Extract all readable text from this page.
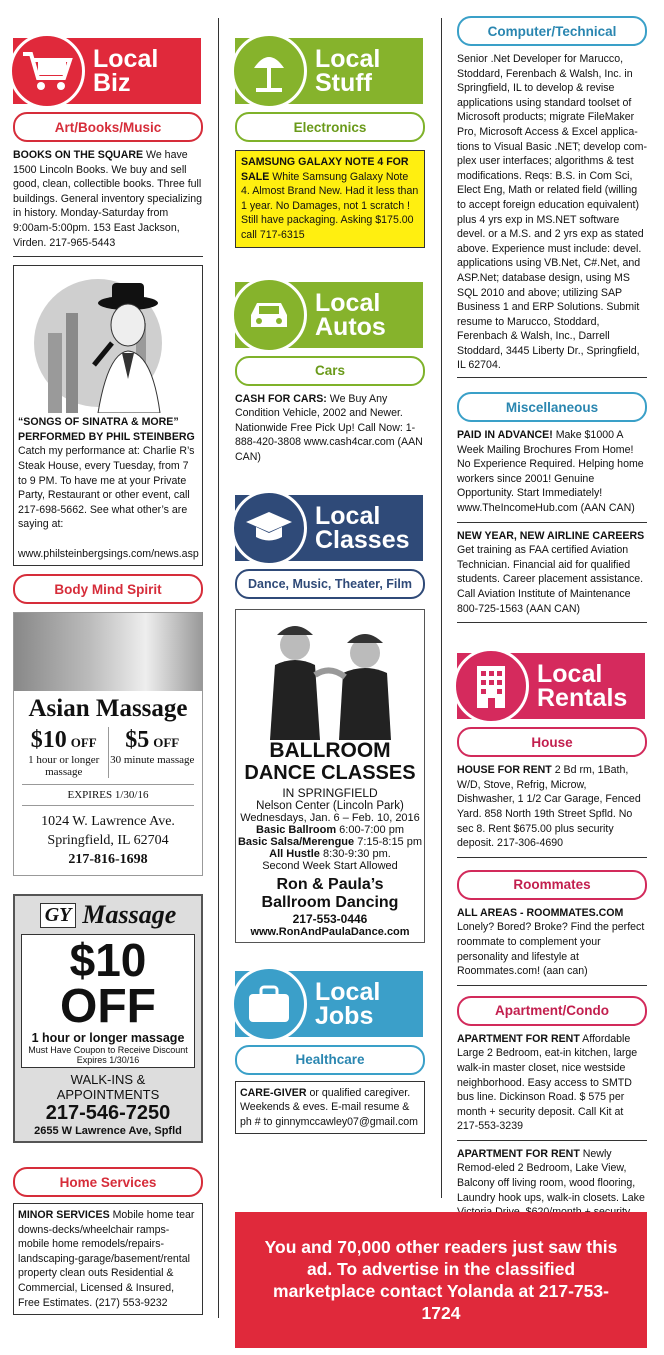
Local
Biz
Art/Books/Music
BOOKS ON THE SQUARE We have 1500 Lincoln Books. We buy and sell good, clean, collectible books. Three full buildings. General inventory specializing in history. Monday-Saturday from 9:00am-5:00pm. 153 East Jackson, Virden. 217-965-5443
“SONGS OF SINATRA & MORE” PERFORMED BY PHIL STEINBERG
Catch my performance at: Charlie R’s Steak House, every Tuesday, from 7 to 9 PM. To have me at your Private Party, Restaurant or other event, call 217-698-5662. See what other’s are saying at:

www.philsteinbergsings.com/news.asp
Body Mind Spirit
Asian Massage
$10 OFF
1 hour or longer massage
$5 OFF
30 minute massage
EXPIRES 1/30/16
1024 W. Lawrence Ave.
Springfield, IL 62704
217-816-1698
GY Massage
$10
OFF
1 hour or longer massage
Must Have Coupon to Receive Discount
Expires 1/30/16
WALK-INS & APPOINTMENTS
217-546-7250
2655 W Lawrence Ave, Spfld
Home Services
MINOR SERVICES Mobile home tear downs-decks/wheelchair ramps-mobile home remodels/repairs-landscaping-garage/basement/rental property clean outs Residential & Commercial, Licensed & Insured, Free Estimates. (217) 553-9232
Local
Stuff
Electronics
SAMSUNG GALAXY NOTE 4 FOR SALE White Samsung Galaxy Note 4. Almost Brand New. Had it less than 1 year. No Damages, not 1 scratch ! Still have packaging. Asking $175.00 call 717-6315
Local
Autos
Cars
CASH FOR CARS: We Buy Any Condition Vehicle, 2002 and Newer. Nationwide Free Pick Up! Call Now: 1-888-420-3808 www.cash4car.com (AAN CAN)
Local
Classes
Dance, Music, Theater, Film
BALLROOM
DANCE CLASSES
IN SPRINGFIELD
Nelson Center (Lincoln Park)
Wednesdays, Jan. 6 – Feb. 10, 2016
Basic Ballroom 6:00-7:00 pm
Basic Salsa/Merengue 7:15-8:15 pm
All Hustle 8:30-9:30 pm.
Second Week Start Allowed
Ron & Paula’s
Ballroom Dancing
217-553-0446
www.RonAndPaulaDance.com
Local
Jobs
Healthcare
CARE-GIVER or qualified caregiver. Weekends & eves. E-mail resume & ph # to ginnymccawley07@gmail.com
Computer/Technical
Senior .Net Developer for Marucco, Stoddard, Ferenbach & Walsh, Inc. in Springfield, IL to develop & revise applications using standard toolset of Microsoft products; migrate FileMaker Pro, Microsoft Access & Excel applica-tions to Visual Basic .NET; develop com-plex user interfaces; algorithms & test modifications. Reqs: B.S. in Com Sci, Elect Eng, Math or related field (willing to accept foreign education equivalent) plus 4 yrs exp in MS.NET software devel. or a M.S. and 2 yrs exp as stated above. Experience must include: devel. applications using VB.Net, C#.Net, and ASP.Net; database design, using MS SQL 2010 and above; utilizing SAP Business 1 and ERP Solutions. Submit resume to Marucco, Stoddard, Ferenbach & Walsh, Inc., Darrell Stoddard, 3445 Liberty Dr., Springfield, IL 62704.
Miscellaneous
PAID IN ADVANCE! Make $1000 A Week Mailing Brochures From Home! No Experience Required. Helping home workers since 2001! Genuine Opportunity. Start Immediately! www.TheIncomeHub.com (AAN CAN)
NEW YEAR, NEW AIRLINE CAREERS Get training as FAA certified Aviation Technician. Financial aid for qualified students. Career placement assistance. Call Aviation Institute of Maintenance 800-725-1563 (AAN CAN)
Local
Rentals
House
HOUSE FOR RENT 2 Bd rm, 1Bath, W/D, Stove, Refrig, Microw, Dishwasher, 1 1/2 Car Garage, Fenced Yard. 858 North 19th Street Spfld. No sec 8. Rent $675.00 plus security deposit. 217-306-4690
Roommates
ALL AREAS - ROOMMATES.COM Lonely? Bored? Broke? Find the perfect roommate to complement your personality and lifestyle at Roommates.com! (aan can)
Apartment/Condo
APARTMENT FOR RENT Affordable Large 2 Bedroom, eat-in kitchen, large walk-in master closet, nice westside neighborhood. Easy access to SMTD bus line. Dickinson Road. $ 575 per month + security deposit. Call Kit at 217-553-3239
APARTMENT FOR RENT Newly Remod-eled 2 Bedroom, Lake View, Balcony off living room, wood flooring, Laundry hook ups, walk-in closets. Lake
You and 70,000 other readers just saw this ad. To advertise in the classified marketplace contact Yolanda at 217-753-1724
